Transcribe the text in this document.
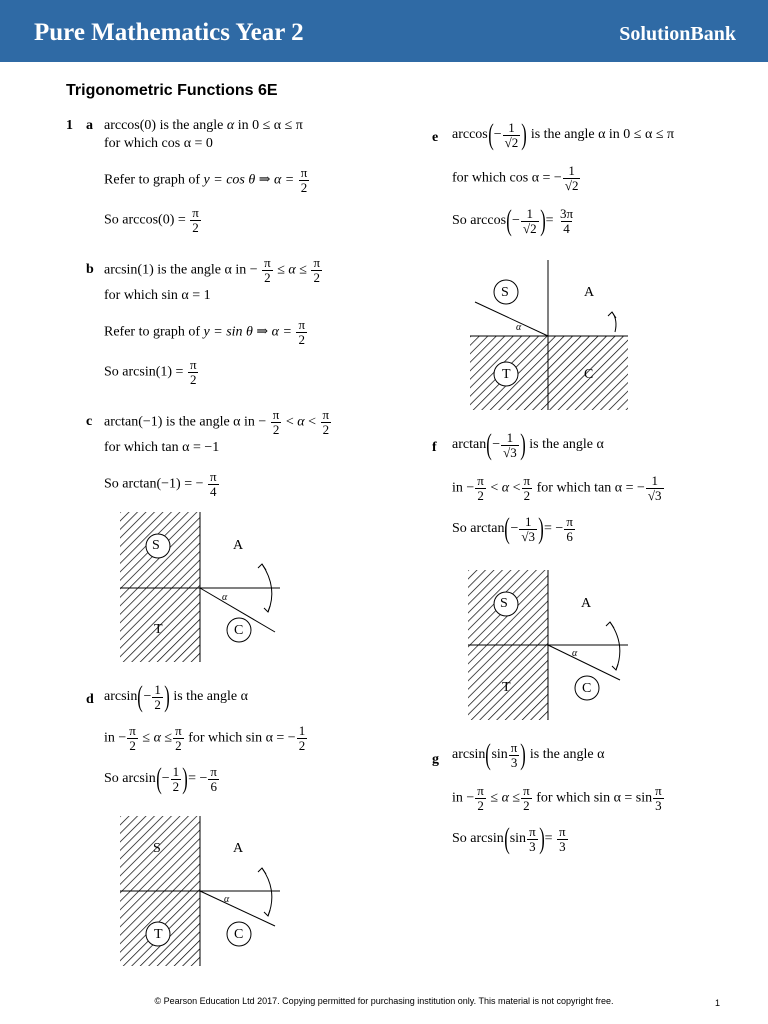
Pure Mathematics Year 2	SolutionBank
Trigonometric Functions 6E
1 a arccos(0) is the angle α in 0 ≤ α ≤ π
for which cos α = 0
Refer to graph of y = cos θ ⇒ $\alpha = \frac{\pi}{2}$
So $\arccos(0) = \frac{\pi}{2}$
b arcsin(1) is the angle α in − $\frac{\pi}{2} \le \alpha \le \frac{\pi}{2}$
for which sin α = 1
Refer to graph of y = sin θ ⇒ $\alpha = \frac{\pi}{2}$
So $\arcsin(1) = \frac{\pi}{2}$
c arctan(−1) is the angle α in − $\frac{\pi}{2} < \alpha < \frac{\pi}{2}$
for which tan α = −1
So arctan(−1) = − $\frac{\pi}{4}$
S	A
T	C
α
d $\arcsin(- \frac{1}{2}$ ) is the angle α
in − $\frac{\pi}{2} \le \alpha \le \frac{\pi}{2}$ for which sin α = − $\frac{1}{2}$
So $\arcsin(- \frac{1}{2}$ )= − $\frac{\pi}{6}$
S	A
T	C
α
e $\arccos(- \frac{1}{√2}$ ) is the angle α in 0 ≤ α ≤ π
for which cos α = − $\frac{1}{√2}$
So $\arccos(- \frac{1}{√2}$ )= $\frac{3\pi}{4}$
S	A
T	C
α
f $\arctan(- \frac{1}{√3}$ ) is the angle α
in − $\frac{\pi}{2} < \alpha < \frac{\pi}{2}$ for which tan α = − $\frac{1}{√3}$
So $\arctan(- \frac{1}{√3}$ )= − $\frac{\pi}{6}$
S	A
T	C
α
g $\arcsin(\sin \frac{\pi}{3}$ ) is the angle α
in − $\frac{\pi}{2} \le \alpha \le \frac{\pi}{2}$ for which $\sin \alpha = \sin \frac{\pi}{3}$
So $\arcsin(\sin \frac{\pi}{3}$ )= $\frac{\pi}{3}$
© Pearson Education Ltd 2017. Copying permitted for purchasing institution only. This material is not copyright free.	1
